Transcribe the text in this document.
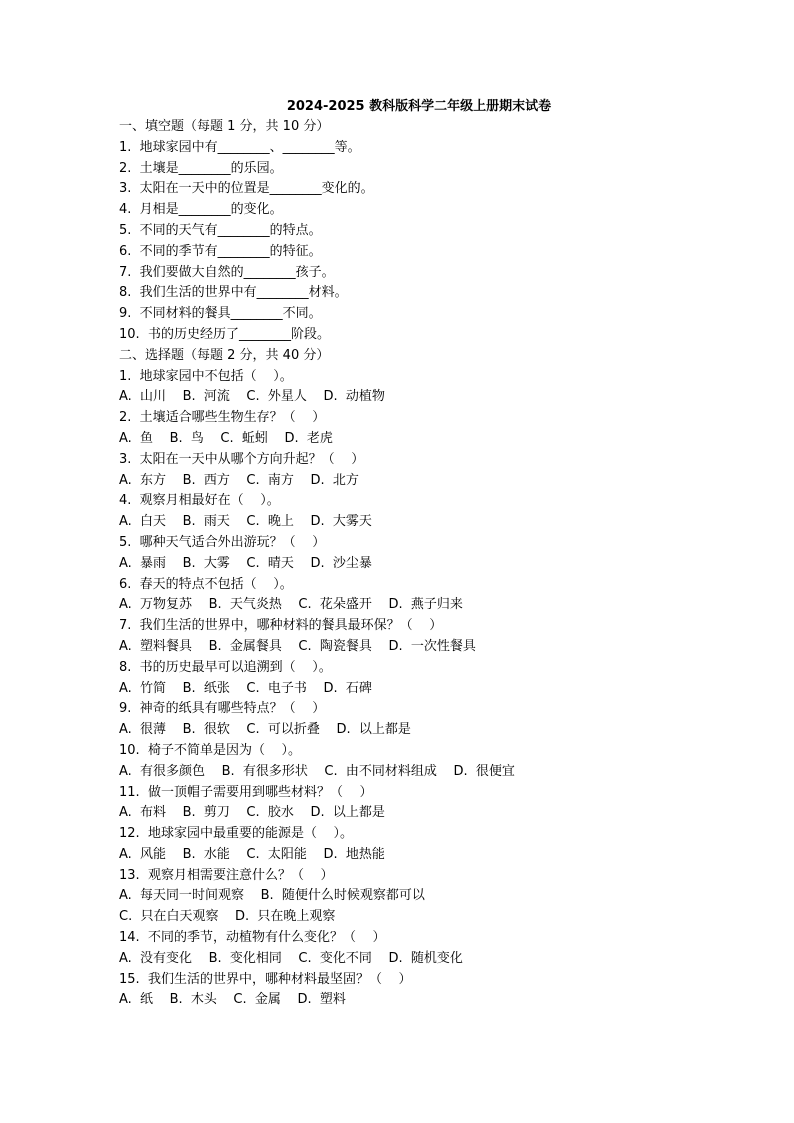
2024-2025 教科版科学二年级上册期末试卷
一、填空题（每题 1 分，共 10 分）
1.  地球家园中有________、________等。
2.  土壤是________的乐园。
3.  太阳在一天中的位置是________变化的。
4.  月相是________的变化。
5.  不同的天气有________的特点。
6.  不同的季节有________的特征。
7.  我们要做大自然的________孩子。
8.  我们生活的世界中有________材料。
9.  不同材料的餐具________不同。
10.  书的历史经历了________阶段。
二、选择题（每题 2 分，共 40 分）
1.  地球家园中不包括（    ）。
A.  山川    B.  河流    C.  外星人    D.  动植物
2.  土壤适合哪些生物生存？（    ）
A.  鱼    B.  鸟    C.  蚯蚓    D.  老虎
3.  太阳在一天中从哪个方向升起？（    ）
A.  东方    B.  西方    C.  南方    D.  北方
4.  观察月相最好在（    ）。
A.  白天    B.  雨天    C.  晚上    D.  大雾天
5.  哪种天气适合外出游玩？（    ）
A.  暴雨    B.  大雾    C.  晴天    D.  沙尘暴
6.  春天的特点不包括（    ）。
A.  万物复苏    B.  天气炎热    C.  花朵盛开    D.  燕子归来
7.  我们生活的世界中，哪种材料的餐具最环保？（    ）
A.  塑料餐具    B.  金属餐具    C.  陶瓷餐具    D.  一次性餐具
8.  书的历史最早可以追溯到（    ）。
A.  竹简    B.  纸张    C.  电子书    D.  石碑
9.  神奇的纸具有哪些特点？（    ）
A.  很薄    B.  很软    C.  可以折叠    D.  以上都是
10.  椅子不简单是因为（    ）。
A.  有很多颜色    B.  有很多形状    C.  由不同材料组成    D.  很便宜
11.  做一顶帽子需要用到哪些材料？（    ）
A.  布料    B.  剪刀    C.  胶水    D.  以上都是
12.  地球家园中最重要的能源是（    ）。
A.  风能    B.  水能    C.  太阳能    D.  地热能
13.  观察月相需要注意什么？（    ）
A.  每天同一时间观察    B.  随便什么时候观察都可以
C.  只在白天观察    D.  只在晚上观察
14.  不同的季节，动植物有什么变化？（    ）
A.  没有变化    B.  变化相同    C.  变化不同    D.  随机变化
15.  我们生活的世界中，哪种材料最坚固？（    ）
A.  纸    B.  木头    C.  金属    D.  塑料
